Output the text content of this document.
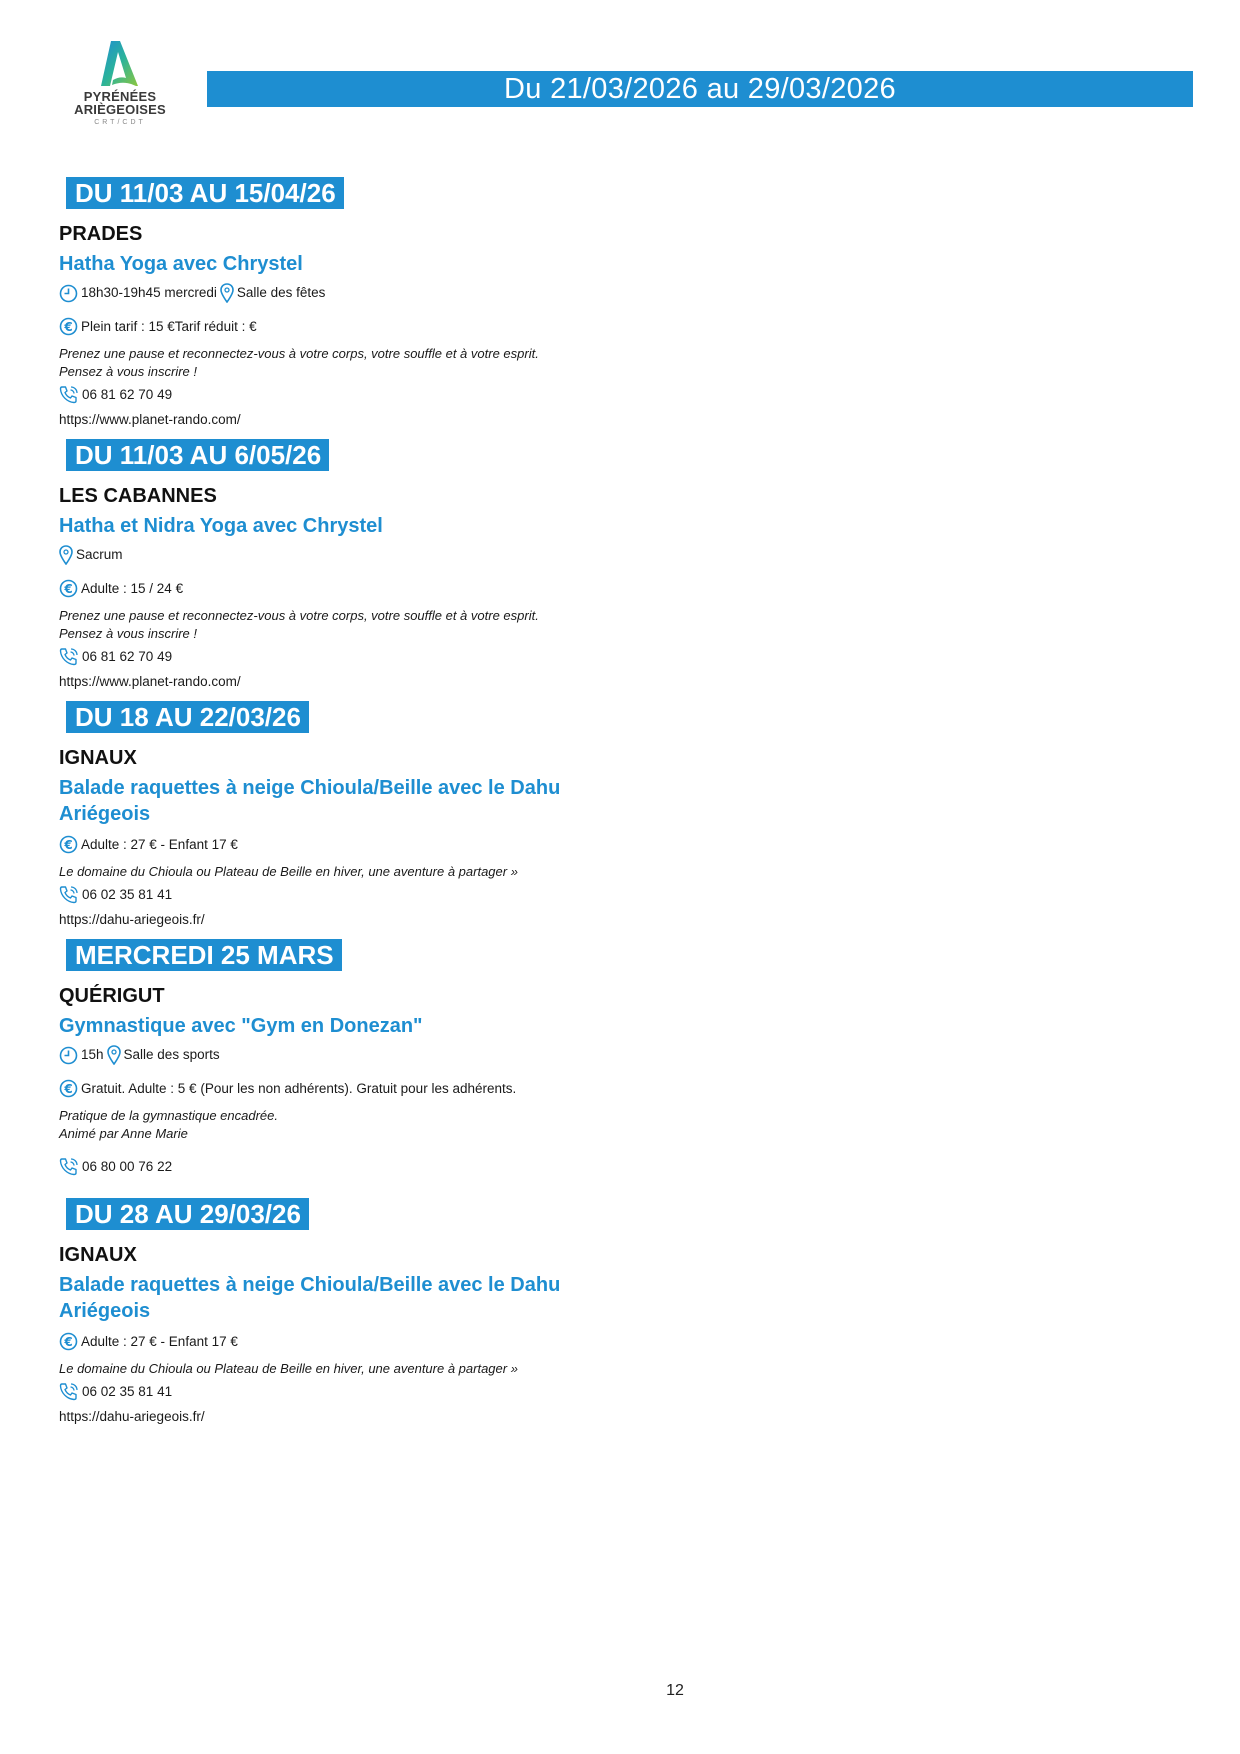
PYRÉNÉES
ARIÈGEOISES
CRT/CDT
Du 21/03/2026 au 29/03/2026
DU 11/03 AU 15/04/26
PRADES
Hatha Yoga avec Chrystel
18h30-19h45 mercredi Salle des fêtes
€ Plein tarif : 15 €Tarif réduit : €
Prenez une pause et reconnectez-vous à votre corps, votre souffle et à votre esprit.
Pensez à vous inscrire !
06 81 62 70 49
https://www.planet-rando.com/
DU 11/03 AU 6/05/26
LES CABANNES
Hatha et Nidra Yoga avec Chrystel
Sacrum
€ Adulte : 15 / 24 €
Prenez une pause et reconnectez-vous à votre corps, votre souffle et à votre esprit.
Pensez à vous inscrire !
06 81 62 70 49
https://www.planet-rando.com/
DU 18 AU 22/03/26
IGNAUX
Balade raquettes à neige Chioula/Beille avec le Dahu Ariégeois
€ Adulte : 27 € - Enfant 17 €
Le domaine du Chioula ou Plateau de Beille en hiver, une aventure à partager »
06 02 35 81 41
https://dahu-ariegeois.fr/
MERCREDI 25 MARS
QUÉRIGUT
Gymnastique avec "Gym en Donezan"
15h Salle des sports
€ Gratuit. Adulte : 5 € (Pour les non adhérents). Gratuit pour les adhérents.
Pratique de la gymnastique encadrée.
Animé par Anne Marie
06 80 00 76 22
DU 28 AU 29/03/26
IGNAUX
Balade raquettes à neige Chioula/Beille avec le Dahu Ariégeois
€ Adulte : 27 € - Enfant 17 €
Le domaine du Chioula ou Plateau de Beille en hiver, une aventure à partager »
06 02 35 81 41
https://dahu-ariegeois.fr/
12
